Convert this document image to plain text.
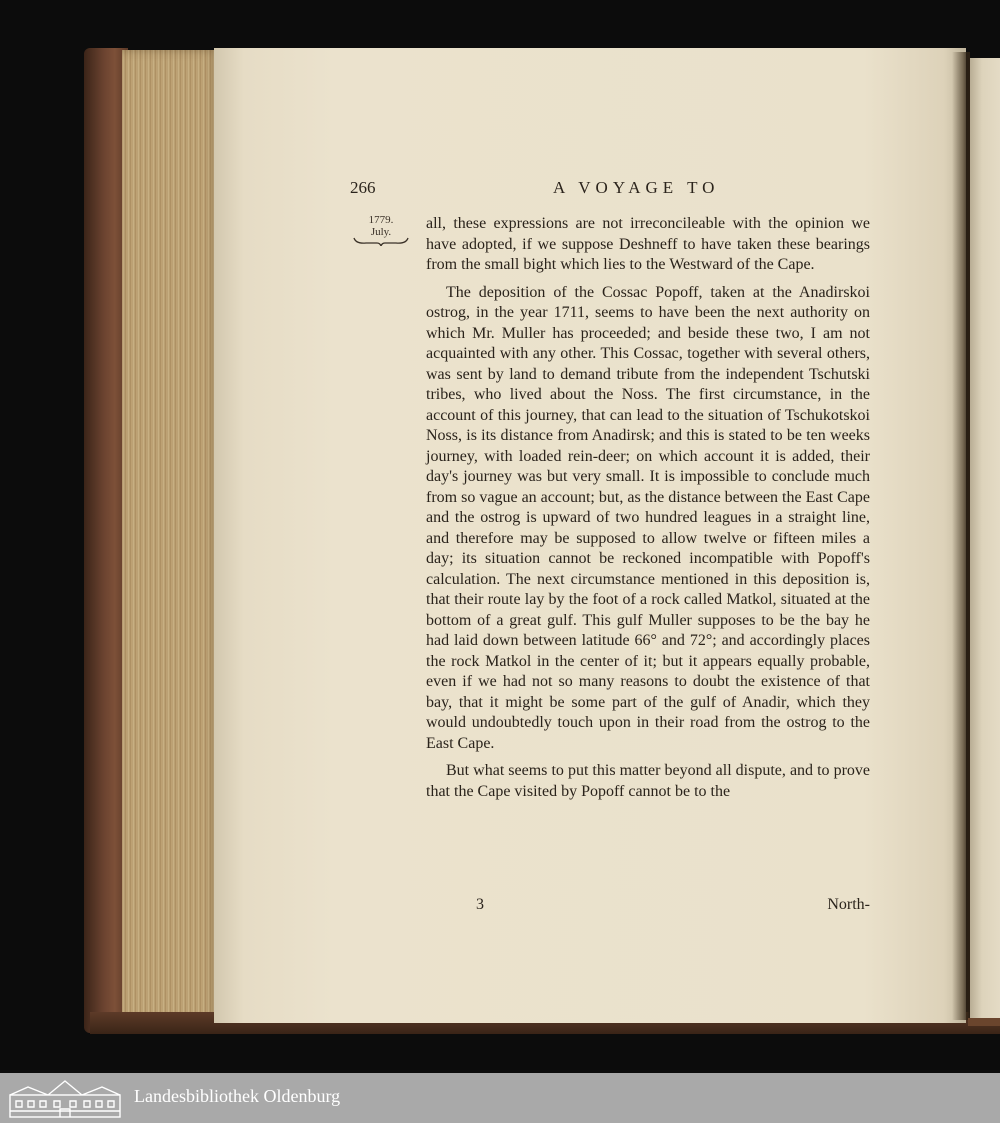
266	A VOYAGE TO
1779.
July.	all, these expressions are not irreconcileable with the opinion we have adopted, if we suppose Deshneff to have taken these bearings from the small bight which lies to the Westward of the Cape.

The deposition of the Cossac Popoff, taken at the Anadirskoi ostrog, in the year 1711, seems to have been the next authority on which Mr. Muller has proceeded; and beside these two, I am not acquainted with any other. This Cossac, together with several others, was sent by land to demand tribute from the independent Tschutski tribes, who lived about the Noss. The first circumstance, in the account of this journey, that can lead to the situation of Tschukotskoi Noss, is its distance from Anadirsk; and this is stated to be ten weeks journey, with loaded rein-deer; on which account it is added, their day's journey was but very small. It is impossible to conclude much from so vague an account; but, as the distance between the East Cape and the ostrog is upward of two hundred leagues in a straight line, and therefore may be supposed to allow twelve or fifteen miles a day; its situation cannot be reckoned incompatible with Popoff's calculation. The next circumstance mentioned in this deposition is, that their route lay by the foot of a rock called Matkol, situated at the bottom of a great gulf. This gulf Muller supposes to be the bay he had laid down between latitude 66° and 72°; and accordingly places the rock Matkol in the center of it; but it appears equally probable, even if we had not so many reasons to doubt the existence of that bay, that it might be some part of the gulf of Anadir, which they would undoubtedly touch upon in their road from the ostrog to the East Cape.

But what seems to put this matter beyond all dispute, and to prove that the Cape visited by Popoff cannot be to the

3	North-
Landesbibliothek Oldenburg
